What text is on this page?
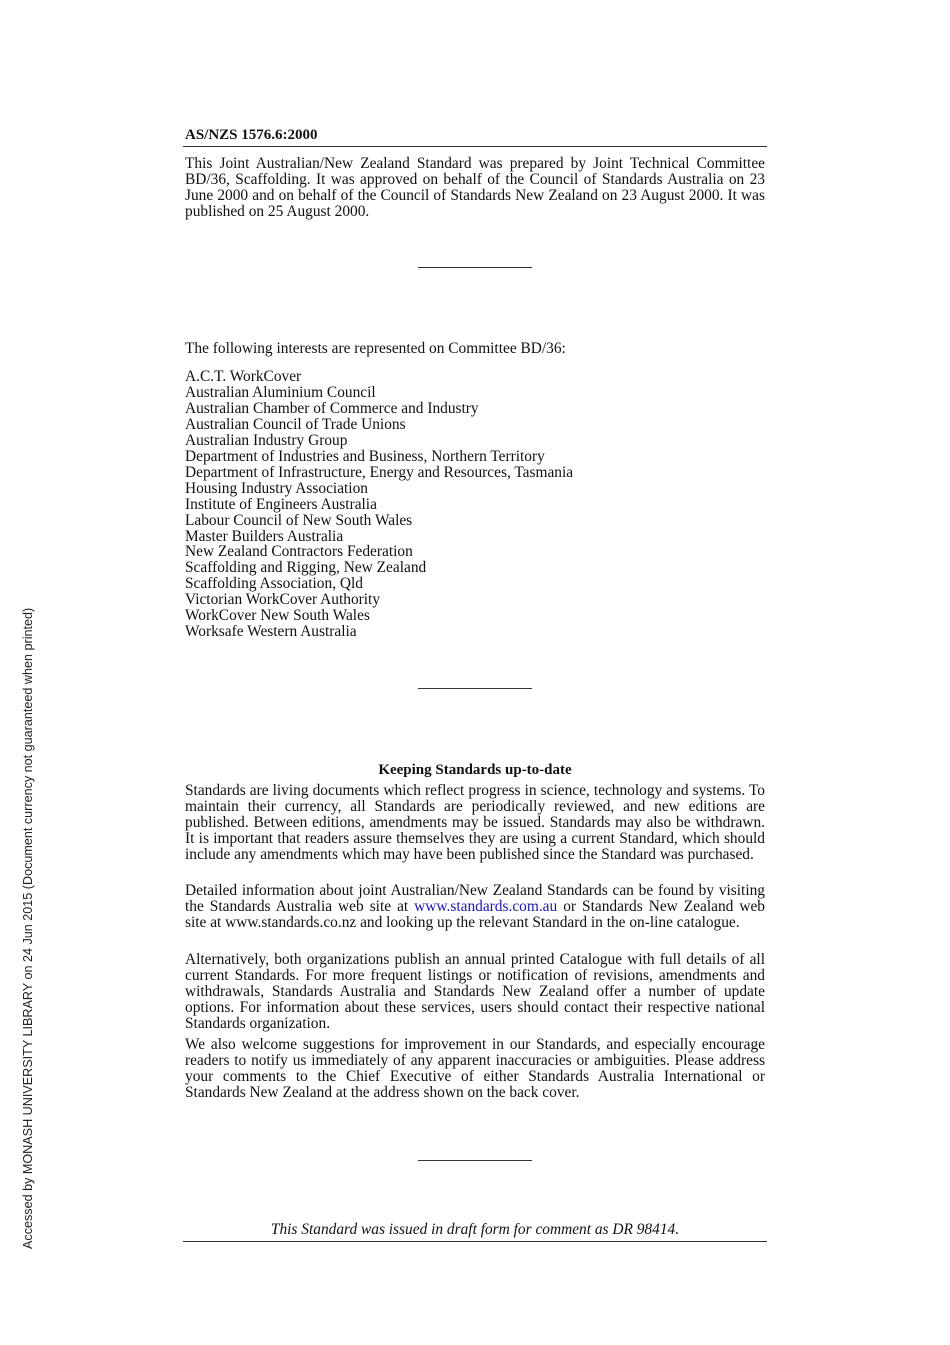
AS/NZS 1576.6:2000

This Joint Australian/New Zealand Standard was prepared by Joint Technical Committee BD/36, Scaffolding. It was approved on behalf of the Council of Standards Australia on 23 June 2000 and on behalf of the Council of Standards New Zealand on 23 August 2000. It was published on 25 August 2000.

The following interests are represented on Committee BD/36:

A.C.T. WorkCover
Australian Aluminium Council
Australian Chamber of Commerce and Industry
Australian Council of Trade Unions
Australian Industry Group
Department of Industries and Business, Northern Territory
Department of Infrastructure, Energy and Resources, Tasmania
Housing Industry Association
Institute of Engineers Australia
Labour Council of New South Wales
Master Builders Australia
New Zealand Contractors Federation
Scaffolding and Rigging, New Zealand
Scaffolding Association, Qld
Victorian WorkCover Authority
WorkCover New South Wales
Worksafe Western Australia
Keeping Standards up-to-date

Standards are living documents which reflect progress in science, technology and systems. To maintain their currency, all Standards are periodically reviewed, and new editions are published. Between editions, amendments may be issued. Standards may also be withdrawn. It is important that readers assure themselves they are using a current Standard, which should include any amendments which may have been published since the Standard was purchased.

Detailed information about joint Australian/New Zealand Standards can be found by visiting the Standards Australia web site at www.standards.com.au or Standards New Zealand web site at www.standards.co.nz and looking up the relevant Standard in the on-line catalogue.

Alternatively, both organizations publish an annual printed Catalogue with full details of all current Standards. For more frequent listings or notification of revisions, amendments and withdrawals, Standards Australia and Standards New Zealand offer a number of update options. For information about these services, users should contact their respective national Standards organization.

We also welcome suggestions for improvement in our Standards, and especially encourage readers to notify us immediately of any apparent inaccuracies or ambiguities. Please address your comments to the Chief Executive of either Standards Australia International or Standards New Zealand at the address shown on the back cover.

This Standard was issued in draft form for comment as DR 98414.

Accessed by MONASH UNIVERSITY LIBRARY on 24 Jun 2015 (Document currency not guaranteed when printed)
